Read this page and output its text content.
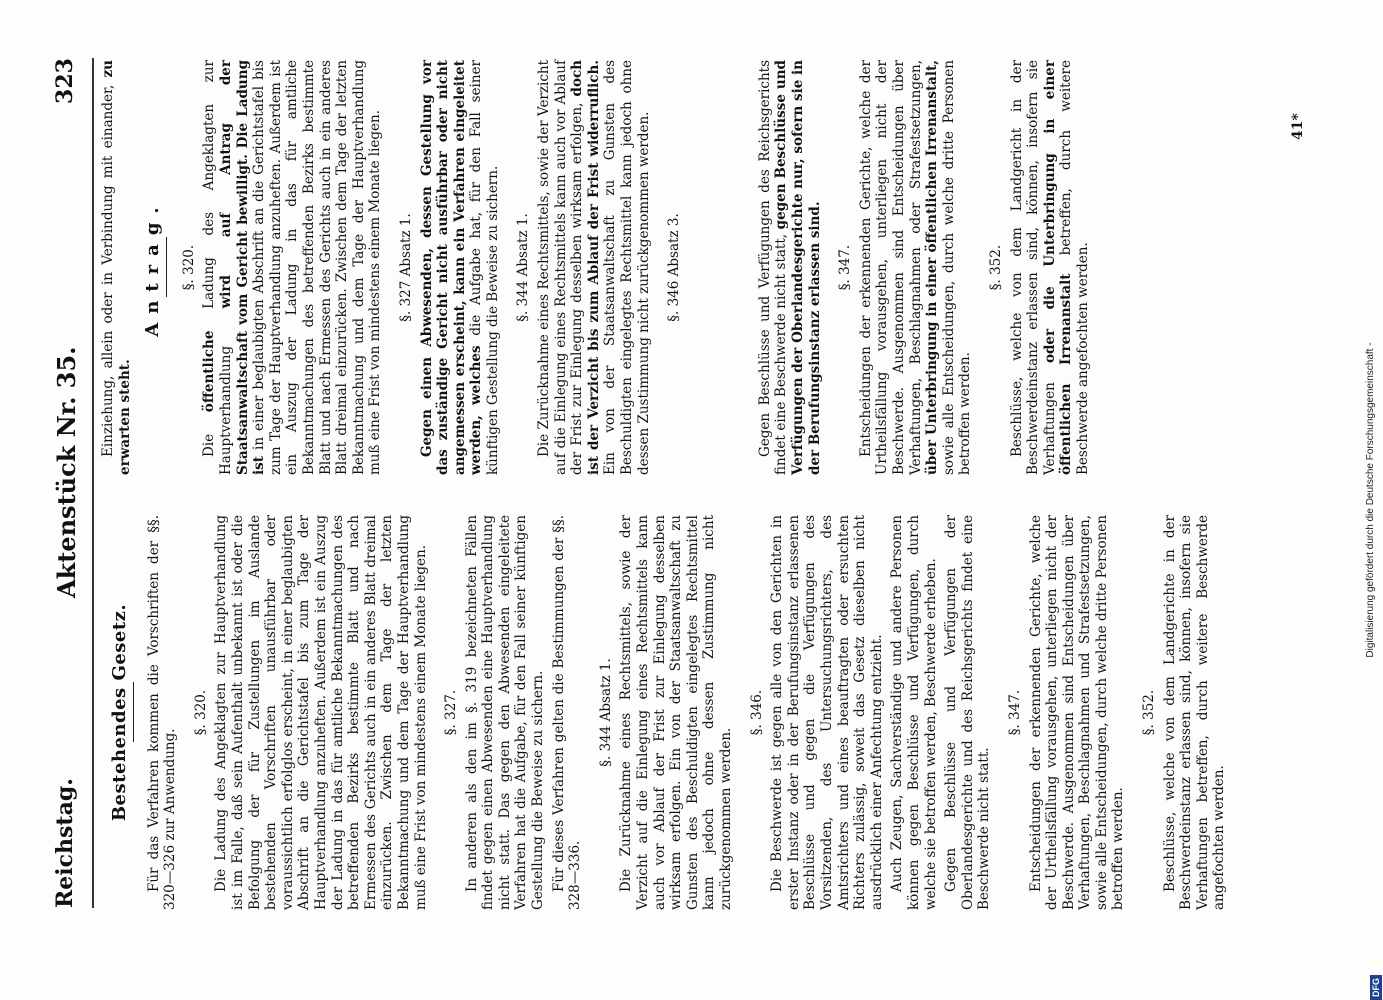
Reichstag.
Aktenstück Nr. 35.
323
Bestehendes Gesetz. Für das Verfahren kommen die Vorschriften der §§. 320—326 zur Anwendung.

§. 320. Die Ladung des Angeklagten zur Hauptverhandlung ist im Falle, daß sein Aufenthalt unbekannt ist oder die Befolgung der für Zustellungen im Auslande bestehenden Vorschriften unausführbar oder voraussichtlich erfolglos erscheint, in einer beglaubigten Abschrift an die Gerichtstafel bis zum Tage der Hauptverhandlung anzuheften. Außerdem ist ein Auszug der Ladung in das für amtliche Bekanntmachungen des betreffenden Bezirks bestimmte Blatt und nach Ermessen des Gerichts auch in ein anderes Blatt dreimal einzurücken. Zwischen dem Tage der letzten Bekanntmachung und dem Tage der Hauptverhandlung muß eine Frist von mindestens einem Monate liegen. §. 327. In anderen als den im §. 319 bezeichneten Fällen findet gegen einen Abwesenden eine Hauptverhandlung nicht statt. Das gegen den Abwesenden eingeleitete Verfahren hat die Aufgabe, für den Fall seiner künftigen Gestellung die Beweise zu sichern. Für dieses Verfahren gelten die Bestimmungen der §§. 328—336.

§. 344 Absatz 1. Die Zurücknahme eines Rechtsmittels, sowie der Verzicht auf die Einlegung eines Rechtsmittels kann auch vor Ablauf der Frist zur Einlegung desselben wirksam erfolgen. Ein von der Staatsanwaltschaft zu Gunsten des Beschuldigten eingelegtes Rechtsmittel kann jedoch ohne dessen Zustimmung nicht zurückgenommen werden.

§. 346. Die Beschwerde ist gegen alle von den Gerichten in erster Instanz oder in der Berufungsinstanz erlassenen Beschlüsse und gegen die Verfügungen des Vorsitzenden, des Untersuchungsrichters, des Amtsrichters und eines beauftragten oder ersuchten Richters zulässig, soweit das Gesetz dieselben nicht ausdrücklich einer Anfechtung entzieht. Auch Zeugen, Sachverständige und andere Personen können gegen Beschlüsse und Verfügungen, durch welche sie betroffen werden, Beschwerde erheben. Gegen Beschlüsse und Verfügungen der Oberlandesgerichte und des Reichsgerichts findet eine Beschwerde nicht statt.

§. 347. Entscheidungen der erkennenden Gerichte, welche der Urtheilsfällung vorausgehen, unterliegen nicht der Beschwerde. Ausgenommen sind Entscheidungen über Verhaftungen, Beschlagnahmen und Strafestsetzungen, sowie alle Entscheidungen, durch welche dritte Personen betroffen werden.

§. 352. Beschlüsse, welche von dem Landgerichte in der Beschwerdeinstanz erlassen sind, können, insofern sie Verhaftungen betreffen, durch weitere Beschwerde angefochten werden.

Einziehung, allein oder in Verbindung mit einander, zu erwarten steht.

Antrag. §. 320.

Die öffentliche Ladung des Angeklagten zur Hauptverhandlung wird auf Antrag der Staatsanwaltschaft vom Gericht bewilligt. Die Ladung ist in einer beglaubigten Abschrift an die Gerichtstafel bis zum Tage der Hauptverhandlung anzuheften. Außerdem ist ein Auszug der Ladung in das für amtliche Bekanntmachungen des betreffenden Bezirks bestimmte Blatt und nach Ermessen des Gerichts auch in ein anderes Blatt dreimal einzurücken. Zwischen dem Tage der letzten Bekanntmachung und dem Tage der Hauptverhandlung muß eine Frist von mindestens einem Monate liegen. §. 327 Absatz 1. Gegen einen Abwesenden, dessen Gestellung vor das zuständige Gericht nicht ausführbar oder nicht angemessen erscheint, kann ein Verfahren eingeleitet werden, welches die Aufgabe hat, für den Fall seiner künftigen Gestellung die Beweise zu sichern. §. 344 Absatz 1. Die Zurücknahme eines Rechtsmittels, sowie der Verzicht auf die Einlegung eines Rechtsmittels kann auch vor Ablauf der Frist zur Einlegung desselben wirksam erfolgen, doch ist der Verzicht bis zum Ablauf der Frist widerruflich. Ein von der Staatsanwaltschaft zu Gunsten des Beschuldigten eingelegtes Rechtsmittel kann jedoch ohne dessen Zustimmung nicht zurückgenommen werden. §. 346 Absatz 3.	Gegen Beschlüsse und Verfügungen des Reichsgerichts findet eine Beschwerde nicht statt, gegen Beschlüsse und Verfügungen der Oberlandesgerichte nur, sofern sie in der Berufungsinstanz erlassen sind. §. 347. Entscheidungen der erkennenden Gerichte, welche der Urtheilsfällung vorausgehen, unterliegen nicht der Beschwerde. Ausgenommen sind Entscheidungen über Verhaftungen, Beschlagnahmen oder Strafestsetzungen, über Unterbringung in einer öffentlichen Irrenanstalt, sowie alle Entscheidungen, durch welche dritte Personen betroffen werden.

§. 352. Beschlüsse, welche von dem Landgericht in der Beschwerdeinstanz erlassen sind, können, insofern sie Verhaftungen oder die Unterbringung in einer öffentlichen Irrenanstalt betreffen, durch weitere Beschwerde angefochten werden.

41*
Digitalisierung gefördert durch die Deutsche Forschungsgemeinschaft -
DFG
